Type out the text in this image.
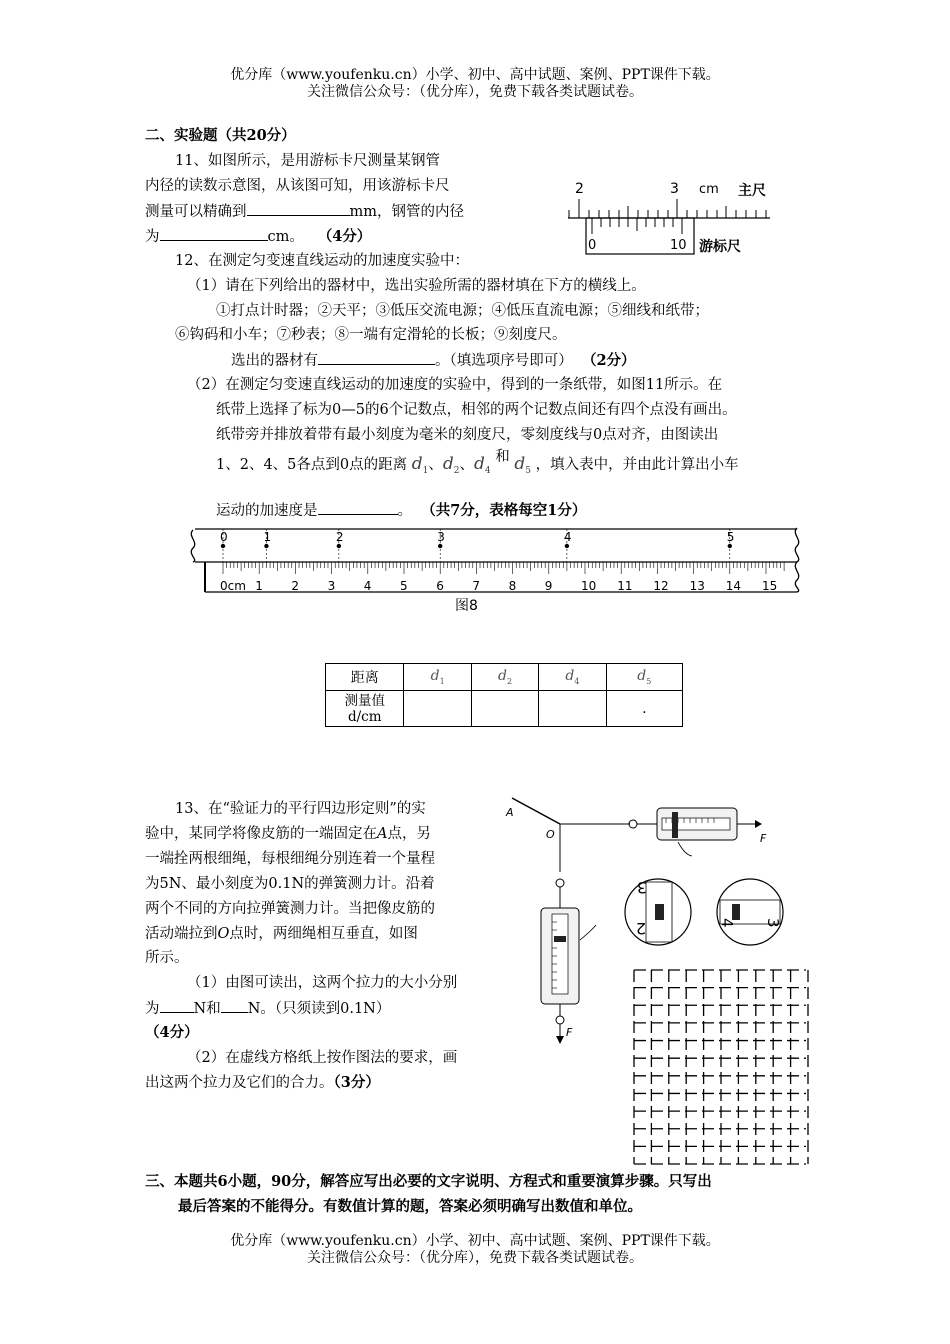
优分库（www.youfenku.cn）小学、初中、高中试题、案例、PPT课件下载。
关注微信公众号：（优分库），免费下载各类试题试卷。
二、实验题（共20分）
11、如图所示，是用游标卡尺测量某钢管
内径的读数示意图，从该图可知，用该游标卡尺
测量可以精确到	mm，钢管的内径
为	cm。 （4分）
2	3 cm 主尺
0	10 游标尺
12、在测定匀变速直线运动的加速度实验中：
（1）请在下列给出的器材中，选出实验所需的器材填在下方的横线上。
①打点计时器；②天平；③低压交流电源；④低压直流电源；⑤细线和纸带；
⑥钩码和小车；⑦秒表；⑧一端有定滑轮的长板；⑨刻度尺。
选出的器材有	。（填选项序号即可） （2分）
（2）在测定匀变速直线运动的加速度的实验中，得到的一条纸带，如图11所示。在
纸带上选择了标为0—5的6个记数点，相邻的两个记数点间还有四个点没有画出。
纸带旁并排放着带有最小刻度为毫米的刻度尺，零刻度线与0点对齐，由图读出
1、2、4、5各点到0点的距离 $d_1$、$d_2$、$d_4$ 和 $d_5$ ，填入表中，并由此计算出小车
运动的加速度是	。 （共7分，表格每空1分）
0cm 1 2 3 4 5 6 7 8 9 10 11 12 13 14 15
0	1	2	3	4	5
图8
距离	$d_1$	$d_2$	$d_4$	$d_5$

测量值
d/cm				.
13、在“验证力的平行四边形定则”的实
验中，某同学将像皮筋的一端固定在A点，另
一端拴两根细绳，每根细绳分别连着一个量程
为5N、最小刻度为0.1N的弹簧测力计。沿着
两个不同的方向拉弹簧测力计。当把像皮筋的
活动端拉到O点时，两细绳相互垂直，如图
所示。
（1）由图可读出，这两个拉力的大小分别
为 N和 N。（只须读到0.1N）
（4分）
（2）在虚线方格纸上按作图法的要求，画
出这两个拉力及它们的合力。（3分）
A
O	F
F
3
2	4 3
三、本题共6小题，90分，解答应写出必要的文字说明、方程式和重要演算步骤。只写出
最后答案的不能得分。有数值计算的题，答案必须明确写出数值和单位。
优分库（www.youfenku.cn）小学、初中、高中试题、案例、PPT课件下载。
关注微信公众号：（优分库），免费下载各类试题试卷。
